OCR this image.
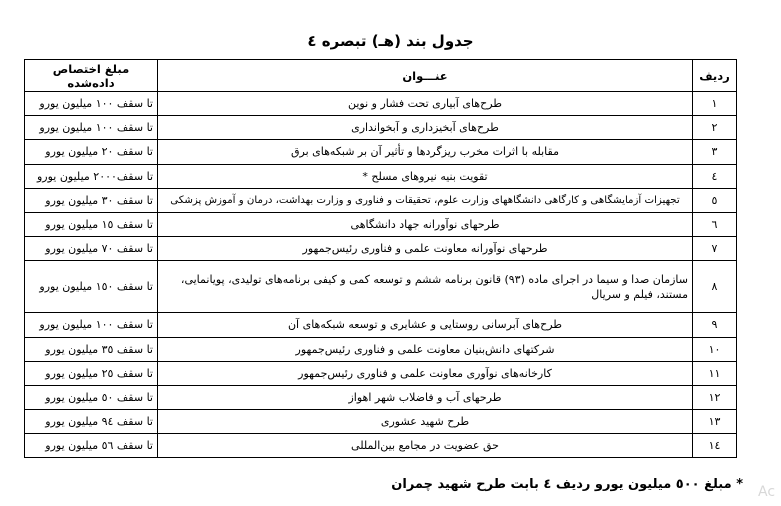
جدول بند (هـ) تبصره ٤
ردیف	عنـــوان	مبلغ اختصاص داده‌شده
١	طرح‌های آبیاری تحت فشار و نوین	تا سقف ١٠٠ میلیون یورو
٢	طرح‌های آبخیزداری و آبخوانداری	تا سقف ١٠٠ میلیون یورو
٣	مقابله با اثرات مخرب ریزگردها و تأثیر آن بر شبکه‌های برق	تا سقف ٢٠ میلیون یورو
٤	تقویت بنیه نیروهای مسلح *	تا سقف٢٠٠٠ میلیون یورو
٥	تجهیزات آزمایشگاهی و کارگاهی دانشگاههای وزارت علوم، تحقیقات و فناوری و وزارت بهداشت، درمان و آموزش پزشکی	تا سقف ٣٠ میلیون یورو
٦	طرحهای نوآورانه جهاد دانشگاهی	تا سقف ١٥ میلیون یورو
٧	طرحهای نوآورانه معاونت علمی و فناوری رئیس‌جمهور	تا سقف ٧٠ میلیون یورو
٨	سازمان صدا و سیما در اجرای ماده (٩٣) قانون برنامه ششم و توسعه کمی و کیفی برنامه‌های تولیدی، پویانمایی، مستند، فیلم و سریال	تا سقف ١٥٠ میلیون یورو
٩	طرح‌های آبرسانی روستایی و عشایری و توسعه شبکه‌های آن	تا سقف ١٠٠ میلیون یورو
١٠	شرکتهای دانش‌بنیان معاونت علمی و فناوری رئیس‌جمهور	تا سقف ٣٥ میلیون یورو
١١	کارخانه‌های نوآوری معاونت علمی و فناوری رئیس‌جمهور	تا سقف ٢٥ میلیون یورو
١٢	طرحهای آب و فاضلاب شهر اهواز	تا سقف ٥٠ میلیون یورو
١٣	طرح شهید عشوری	تا سقف ٩٤ میلیون یورو
١٤	حق عضویت در مجامع بین‌المللی	تا سقف ٥٦ میلیون یورو
* مبلغ ٥٠٠ میلیون یورو ردیف ٤ بابت طرح شهید چمران Ac
